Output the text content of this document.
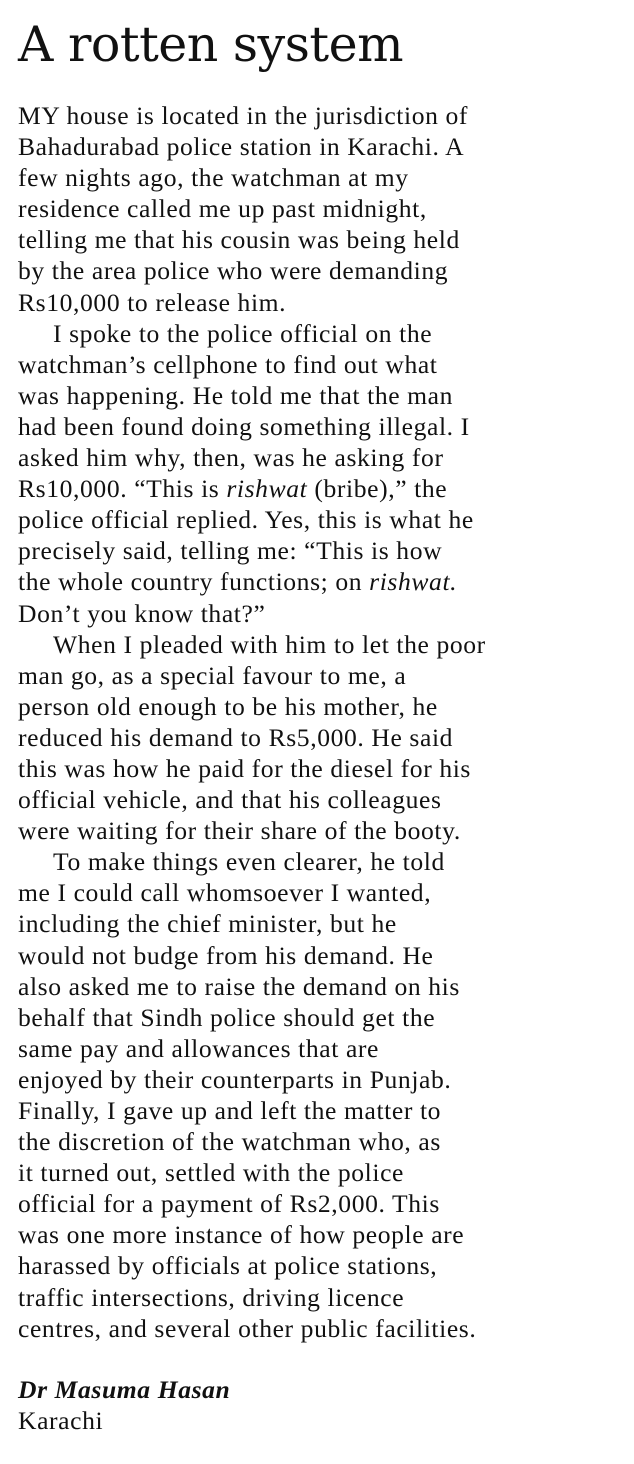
A rotten system
MY house is located in the jurisdiction of
Bahadurabad police station in Karachi. A
few nights ago, the watchman at my
residence called me up past midnight,
telling me that his cousin was being held
by the area police who were demanding
Rs10,000 to release him.
I spoke to the police official on the
watchman’s cellphone to find out what
was happening. He told me that the man
had been found doing something illegal. I
asked him why, then, was he asking for
Rs10,000. “This is rishwat (bribe),” the
police official replied. Yes, this is what he
precisely said, telling me: “This is how
the whole country functions; on rishwat.
Don’t you know that?”
When I pleaded with him to let the poor
man go, as a special favour to me, a
person old enough to be his mother, he
reduced his demand to Rs5,000. He said
this was how he paid for the diesel for his
official vehicle, and that his colleagues
were waiting for their share of the booty.
To make things even clearer, he told
me I could call whomsoever I wanted,
including the chief minister, but he
would not budge from his demand. He
also asked me to raise the demand on his
behalf that Sindh police should get the
same pay and allowances that are
enjoyed by their counterparts in Punjab.
Finally, I gave up and left the matter to
the discretion of the watchman who, as
it turned out, settled with the police
official for a payment of Rs2,000. This
was one more instance of how people are
harassed by officials at police stations,
traffic intersections, driving licence
centres, and several other public facilities.
Dr Masuma Hasan
Karachi
